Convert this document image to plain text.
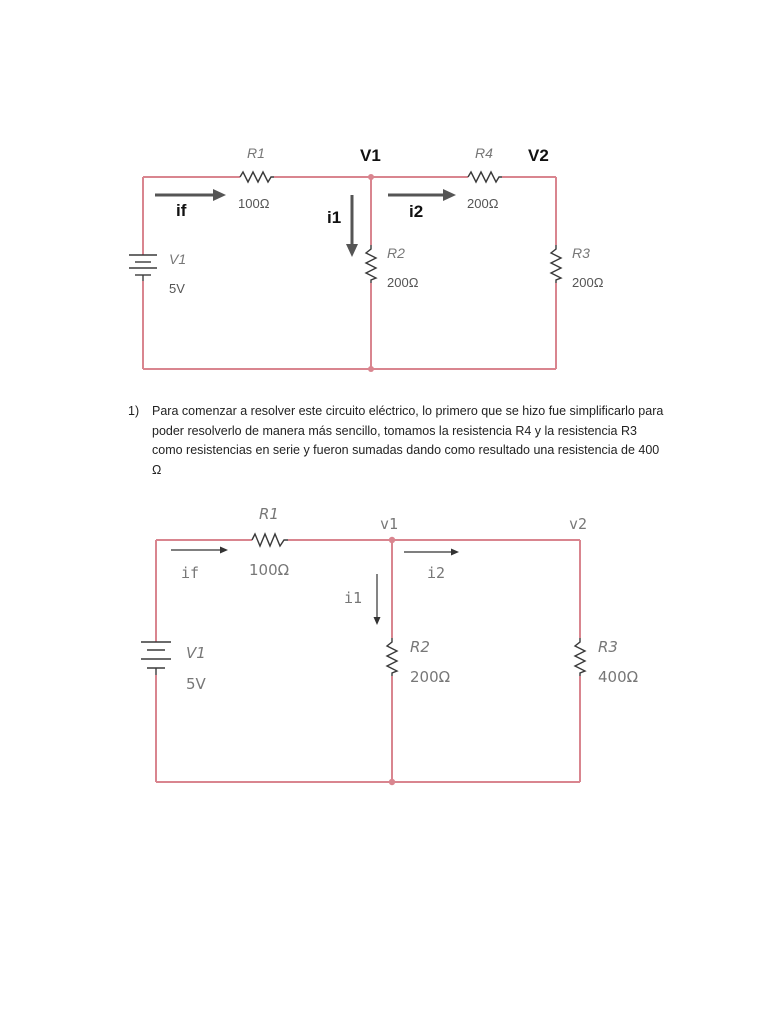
R1
100Ω
V1	R4 V2
if	i1	i2	200Ω
R2
200Ω
R3
200Ω
V1
5V
1)	Para comenzar a resolver este circuito eléctrico, lo primero que se hizo fue simplificarlo para poder resolverlo de manera más sencillo, tomamos la resistencia R4 y la resistencia R3 como resistencias en serie y fueron sumadas dando como resultado una resistencia de 400 Ω
R1
100Ω
v1	v2
if	i2
i1
R2
200Ω
R3
400Ω
V1
5V
